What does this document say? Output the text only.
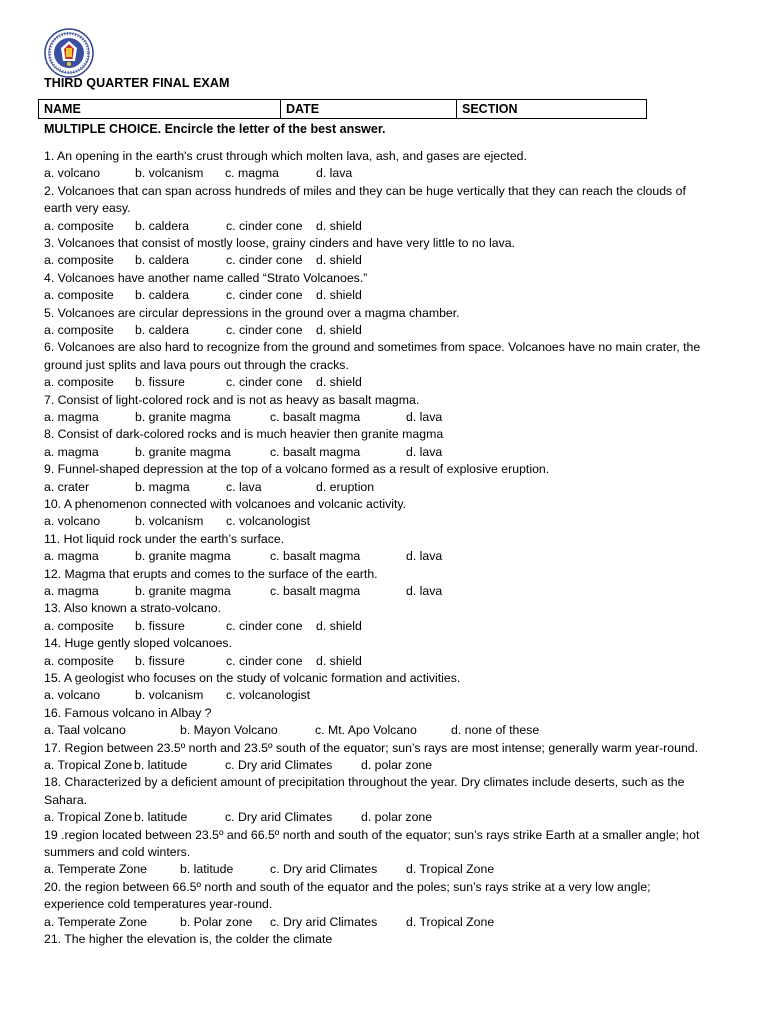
THIRD QUARTER FINAL EXAM
NAME	DATE	SECTION
MULTIPLE CHOICE. Encircle the letter of the best answer.
1. An opening in the earth's crust through which molten lava, ash, and gases are ejected.
a. volcano	b. volcanism c. magma	d. lava
2. Volcanoes that can span across hundreds of miles and they can be huge vertically that they can reach the clouds of earth very easy.
a. composite b. caldera	c. cinder cone d. shield
3. Volcanoes that consist of mostly loose, grainy cinders and have very little to no lava.
a. composite b. caldera	c. cinder cone d. shield
4. Volcanoes have another name called “Strato Volcanoes.”
a. composite b. caldera	c. cinder cone d. shield
5. Volcanoes are circular depressions in the ground over a magma chamber.
a. composite b. caldera	c. cinder cone d. shield
6. Volcanoes are also hard to recognize from the ground and sometimes from space. Volcanoes have no main crater, the ground just splits and lava pours out through the cracks.
a. composite b. fissure	c. cinder cone d. shield
7. Consist of light-colored rock and is not as heavy as basalt magma.
a. magma	b. granite magma	c. basalt magma	d. lava
8. Consist of dark-colored rocks and is much heavier then granite magma
a. magma	b. granite magma	c. basalt magma	d. lava
9. Funnel-shaped depression at the top of a volcano formed as a result of explosive eruption.
a. crater	b. magma	c. lava	d. eruption
10. A phenomenon connected with volcanoes and volcanic activity.
a. volcano	b. volcanism c. volcanologist
11. Hot liquid rock under the earth’s surface.
a. magma	b. granite magma	c. basalt magma	d. lava
12. Magma that erupts and comes to the surface of the earth.
a. magma	b. granite magma	c. basalt magma	d. lava
13. Also known a strato-volcano.
a. composite b. fissure	c. cinder cone d. shield
14. Huge gently sloped volcanoes.
a. composite b. fissure	c. cinder cone d. shield
15. A geologist who focuses on the study of volcanic formation and activities.
a. volcano	b. volcanism c. volcanologist
16. Famous volcano in Albay ?
a. Taal volcano	b. Mayon Volcano	c. Mt. Apo Volcano	d. none of these
17. Region between 23.5º north and 23.5º south of the equator; sun’s rays are most intense; generally warm year-round.
a. Tropical Zone b. latitude	c. Dry arid Climates d. polar zone
18. Characterized by a deficient amount of precipitation throughout the year. Dry climates include deserts, such as the Sahara.
a. Tropical Zone b. latitude	c. Dry arid Climates d. polar zone
19 .region located between 23.5º and 66.5º north and south of the equator; sun’s rays strike Earth at a smaller angle; hot summers and cold winters.
a. Temperate Zone	b. latitude	c. Dry arid Climates d. Tropical Zone
20. the region between 66.5º north and south of the equator and the poles; sun’s rays strike at a very low angle; experience cold temperatures year-round.
a. Temperate Zone	b. Polar zone c. Dry arid Climates d. Tropical Zone
21. The higher the elevation is, the colder the climate
